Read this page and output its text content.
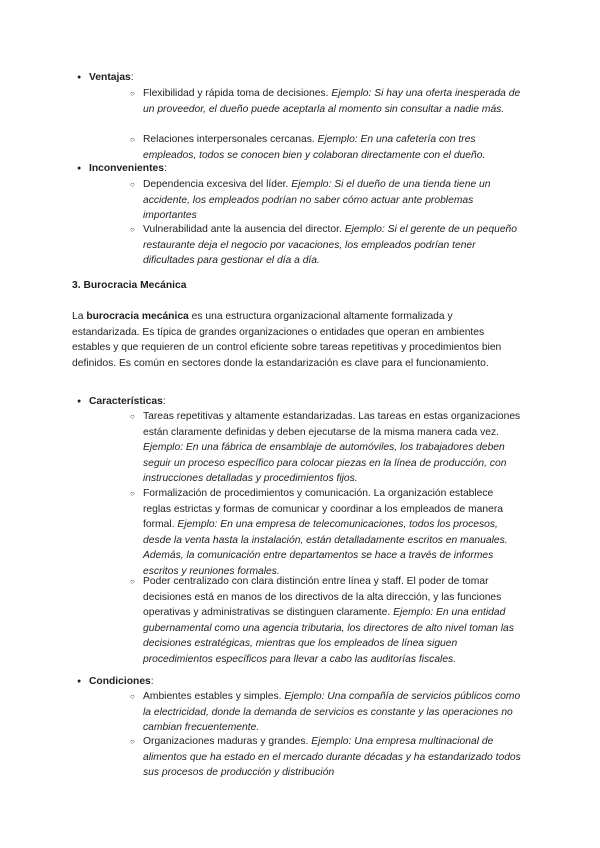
● Ventajas:
○ Flexibilidad y rápida toma de decisiones. Ejemplo: Si hay una oferta inesperada de un proveedor, el dueño puede aceptarla al momento sin consultar a nadie más.
○ Relaciones interpersonales cercanas. Ejemplo: En una cafetería con tres empleados, todos se conocen bien y colaboran directamente con el dueño.
● Inconvenientes:
○ Dependencia excesiva del líder. Ejemplo: Si el dueño de una tienda tiene un accidente, los empleados podrían no saber cómo actuar ante problemas importantes
○ Vulnerabilidad ante la ausencia del director. Ejemplo: Si el gerente de un pequeño restaurante deja el negocio por vacaciones, los empleados podrían tener dificultades para gestionar el día a día.
3. Burocracia Mecánica
La burocracia mecánica es una estructura organizacional altamente formalizada y estandarizada. Es típica de grandes organizaciones o entidades que operan en ambientes estables y que requieren de un control eficiente sobre tareas repetitivas y procedimientos bien definidos. Es común en sectores donde la estandarización es clave para el funcionamiento.
● Características:
○ Tareas repetitivas y altamente estandarizadas. Las tareas en estas organizaciones están claramente definidas y deben ejecutarse de la misma manera cada vez. Ejemplo: En una fábrica de ensamblaje de automóviles, los trabajadores deben seguir un proceso específico para colocar piezas en la línea de producción, con instrucciones detalladas y procedimientos fijos.
○ Formalización de procedimientos y comunicación. La organización establece reglas estrictas y formas de comunicar y coordinar a los empleados de manera formal. Ejemplo: En una empresa de telecomunicaciones, todos los procesos, desde la venta hasta la instalación, están detalladamente escritos en manuales. Además, la comunicación entre departamentos se hace a través de informes escritos y reuniones formales.
○ Poder centralizado con clara distinción entre línea y staff. El poder de tomar decisiones está en manos de los directivos de la alta dirección, y las funciones operativas y administrativas se distinguen claramente. Ejemplo: En una entidad gubernamental como una agencia tributaria, los directores de alto nivel toman las decisiones estratégicas, mientras que los empleados de línea siguen procedimientos específicos para llevar a cabo las auditorías fiscales.
● Condiciones:
○ Ambientes estables y simples. Ejemplo: Una compañía de servicios públicos como la electricidad, donde la demanda de servicios es constante y las operaciones no cambian frecuentemente.
○ Organizaciones maduras y grandes. Ejemplo: Una empresa multinacional de alimentos que ha estado en el mercado durante décadas y ha estandarizado todos sus procesos de producción y distribución
